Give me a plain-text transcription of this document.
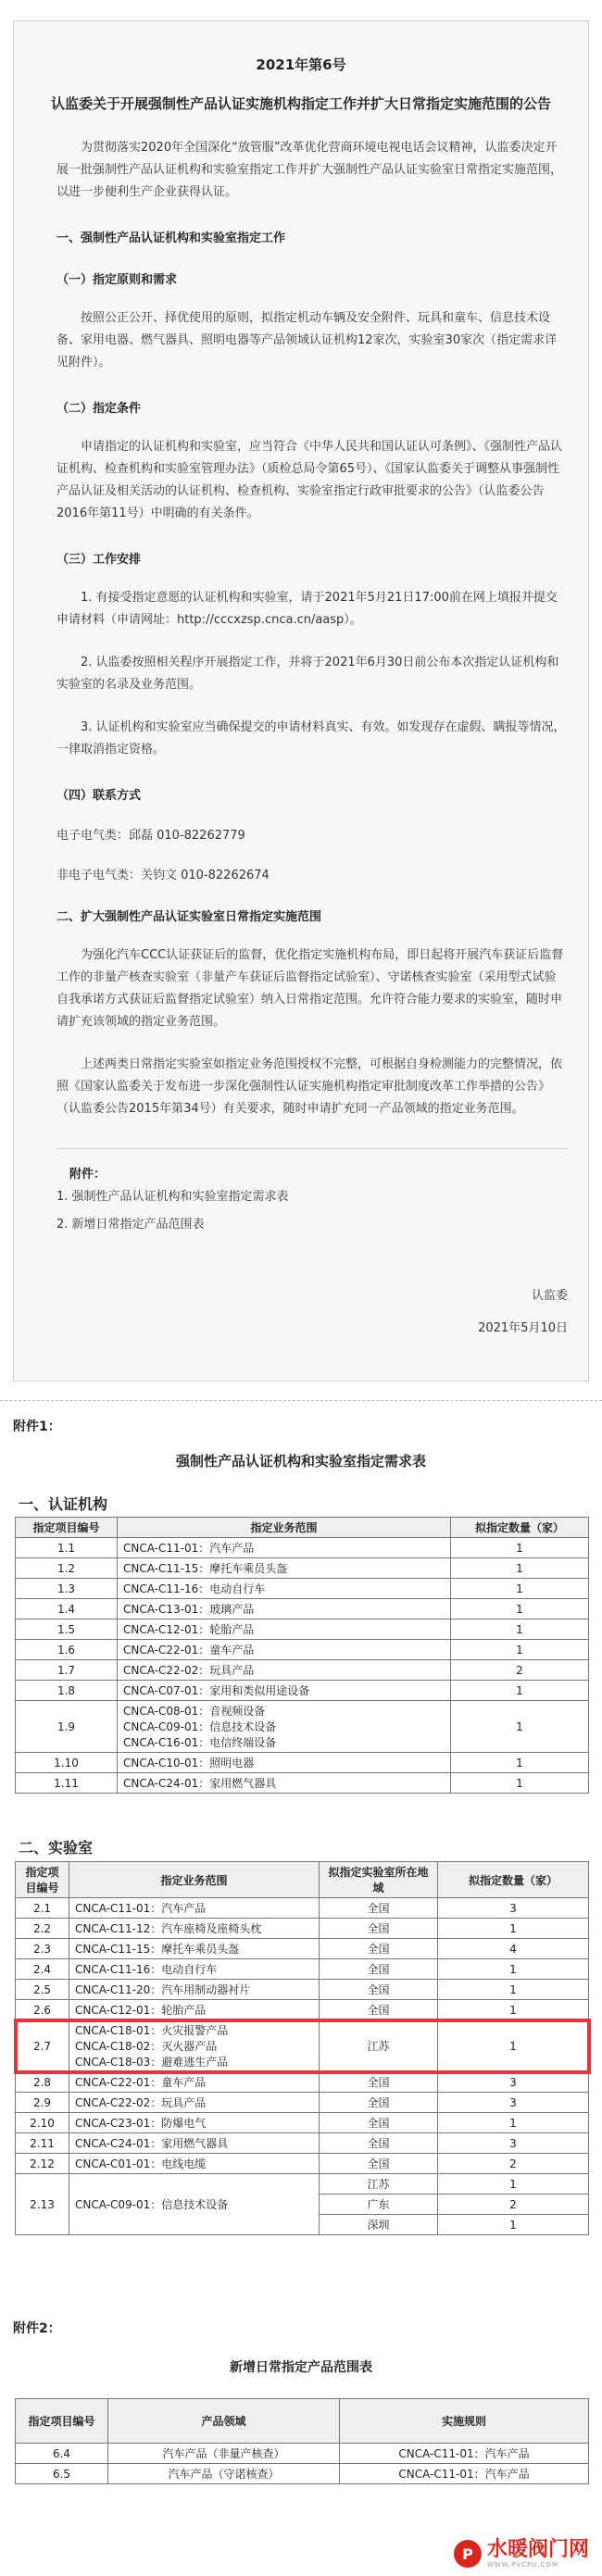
2021年第6号
认监委关于开展强制性产品认证实施机构指定工作并扩大日常指定实施范围的公告

为贯彻落实2020年全国深化“放管服”改革优化营商环境电视电话会议精神，认监委决定开展一批强制性产品认证机构和实验室指定工作并扩大强制性产品认证实验室日常指定实施范围，以进一步便利生产企业获得认证。

一、强制性产品认证机构和实验室指定工作
（一）指定原则和需求

按照公正公开、择优使用的原则，拟指定机动车辆及安全附件、玩具和童车、信息技术设备、家用电器、燃气器具、照明电器等产品领域认证机构12家次，实验室30家次（指定需求详见附件）。

（二）指定条件

申请指定的认证机构和实验室，应当符合《中华人民共和国认证认可条例》、《强制性产品认证机构、检查机构和实验室管理办法》（质检总局令第65号）、《国家认监委关于调整从事强制性产品认证及相关活动的认证机构、检查机构、实验室指定行政审批要求的公告》（认监委公告2016年第11号）中明确的有关条件。

（三）工作安排

1. 有接受指定意愿的认证机构和实验室，请于2021年5月21日17:00前在网上填报并提交申请材料（申请网址：http://cccxzsp.cnca.cn/aasp）。

2. 认监委按照相关程序开展指定工作，并将于2021年6月30日前公布本次指定认证机构和实验室的名录及业务范围。

3. 认证机构和实验室应当确保提交的申请材料真实、有效。如发现存在虚假、瞒报等情况，一律取消指定资格。

（四）联系方式
电子电气类：邱磊 010-82262779
非电子电气类：关钧文 010-82262674
二、扩大强制性产品认证实验室日常指定实施范围

为强化汽车CCC认证获证后的监督，优化指定实施机构布局，即日起将开展汽车获证后监督工作的非量产核查实验室（非量产车获证后监督指定试验室）、守诺核查实验室（采用型式试验自我承诺方式获证后监督指定试验室）纳入日常指定范围。允许符合能力要求的实验室，随时申请扩充该领域的指定业务范围。

上述两类日常指定实验室如指定业务范围授权不完整，可根据自身检测能力的完整情况，依照《国家认监委关于发布进一步深化强制性认证实施机构指定审批制度改革工作举措的公告》（认监委公告2015年第34号）有关要求，随时申请扩充同一产品领域的指定业务范围。

附件：
1. 强制性产品认证机构和实验室指定需求表
2. 新增日常指定产品范围表
认监委
2021年5月10日
附件1：
强制性产品认证机构和实验室指定需求表
一、认证机构
指定项目编号	指定业务范围	拟指定数量（家）
1.1	CNCA-C11-01：汽车产品	1
1.2	CNCA-C11-15：摩托车乘员头盔	1
1.3	CNCA-C11-16：电动自行车	1
1.4	CNCA-C13-01：玻璃产品	1
1.5	CNCA-C12-01：轮胎产品	1
1.6	CNCA-C22-01：童车产品	1
1.7	CNCA-C22-02：玩具产品	2
1.8	CNCA-C07-01：家用和类似用途设备	1
1.9	CNCA-C08-01：音视频设备
CNCA-C09-01：信息技术设备
CNCA-C16-01：电信终端设备	1
1.10	CNCA-C10-01：照明电器	1
1.11	CNCA-C24-01：家用燃气器具	1
二、实验室
指定项目编号	指定业务范围	拟指定实验室所在地域	拟指定数量（家）
2.1	CNCA-C11-01：汽车产品	全国	3
2.2	CNCA-C11-12：汽车座椅及座椅头枕	全国	1
2.3	CNCA-C11-15：摩托车乘员头盔	全国	4
2.4	CNCA-C11-16：电动自行车	全国	1
2.5	CNCA-C11-20：汽车用制动器衬片	全国	1
2.6	CNCA-C12-01：轮胎产品	全国	1
2.7	CNCA-C18-01：火灾报警产品
CNCA-C18-02：灭火器产品
CNCA-C18-03：避难逃生产品	江苏	1
2.8	CNCA-C22-01：童车产品	全国	3
2.9	CNCA-C22-02：玩具产品	全国	3
2.10	CNCA-C23-01：防爆电气	全国	1
2.11	CNCA-C24-01：家用燃气器具	全国	3
2.12	CNCA-C01-01：电线电缆	全国	2
2.13	CNCA-C09-01：信息技术设备	江苏	1
		广东	2
		深圳	1
附件2：
新增日常指定产品范围表
指定项目编号	产品领域	实施规则
6.4	汽车产品（非量产核查）	CNCA-C11-01：汽车产品
6.5	汽车产品（守诺核查）	CNCA-C11-01：汽车产品
P 水暖阀门网
WWW.PVCPU.COM
